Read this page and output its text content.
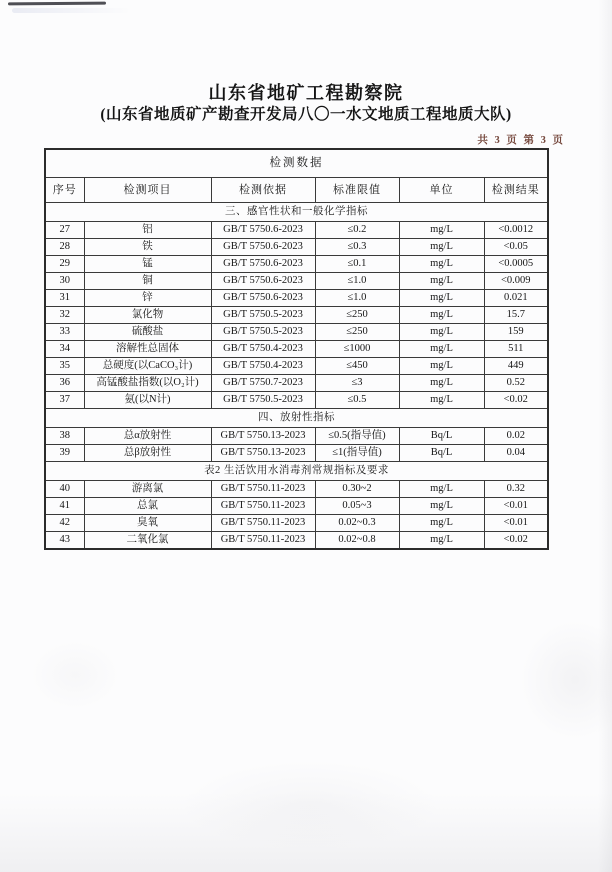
山东省地矿工程勘察院
(山东省地质矿产勘查开发局八〇一水文地质工程地质大队)
共 3 页 第 3 页
检测数据					
序号	检测项目	检测依据	标准限值	单位	检测结果
三、感官性状和一般化学指标					
27	铝	GB/T 5750.6-2023	≤0.2	mg/L	<0.0012
28	铁	GB/T 5750.6-2023	≤0.3	mg/L	<0.05
29	锰	GB/T 5750.6-2023	≤0.1	mg/L	<0.0005
30	铜	GB/T 5750.6-2023	≤1.0	mg/L	<0.009
31	锌	GB/T 5750.6-2023	≤1.0	mg/L	0.021
32	氯化物	GB/T 5750.5-2023	≤250	mg/L	15.7
33	硫酸盐	GB/T 5750.5-2023	≤250	mg/L	159
34	溶解性总固体	GB/T 5750.4-2023	≤1000	mg/L	511
35	总硬度(以CaCO₃计)	GB/T 5750.4-2023	≤450	mg/L	449
36	高锰酸盐指数(以O₂计)	GB/T 5750.7-2023	≤3	mg/L	0.52
37	氨(以N计)	GB/T 5750.5-2023	≤0.5	mg/L	<0.02
四、放射性指标					
38	总α放射性	GB/T 5750.13-2023	≤0.5(指导值)	Bq/L	0.02
39	总β放射性	GB/T 5750.13-2023	≤1(指导值)	Bq/L	0.04
表2 生活饮用水消毒剂常规指标及要求					
40	游离氯	GB/T 5750.11-2023	0.30~2	mg/L	0.32
41	总氯	GB/T 5750.11-2023	0.05~3	mg/L	<0.01
42	臭氧	GB/T 5750.11-2023	0.02~0.3	mg/L	<0.01
43	二氧化氯	GB/T 5750.11-2023	0.02~0.8	mg/L	<0.02
